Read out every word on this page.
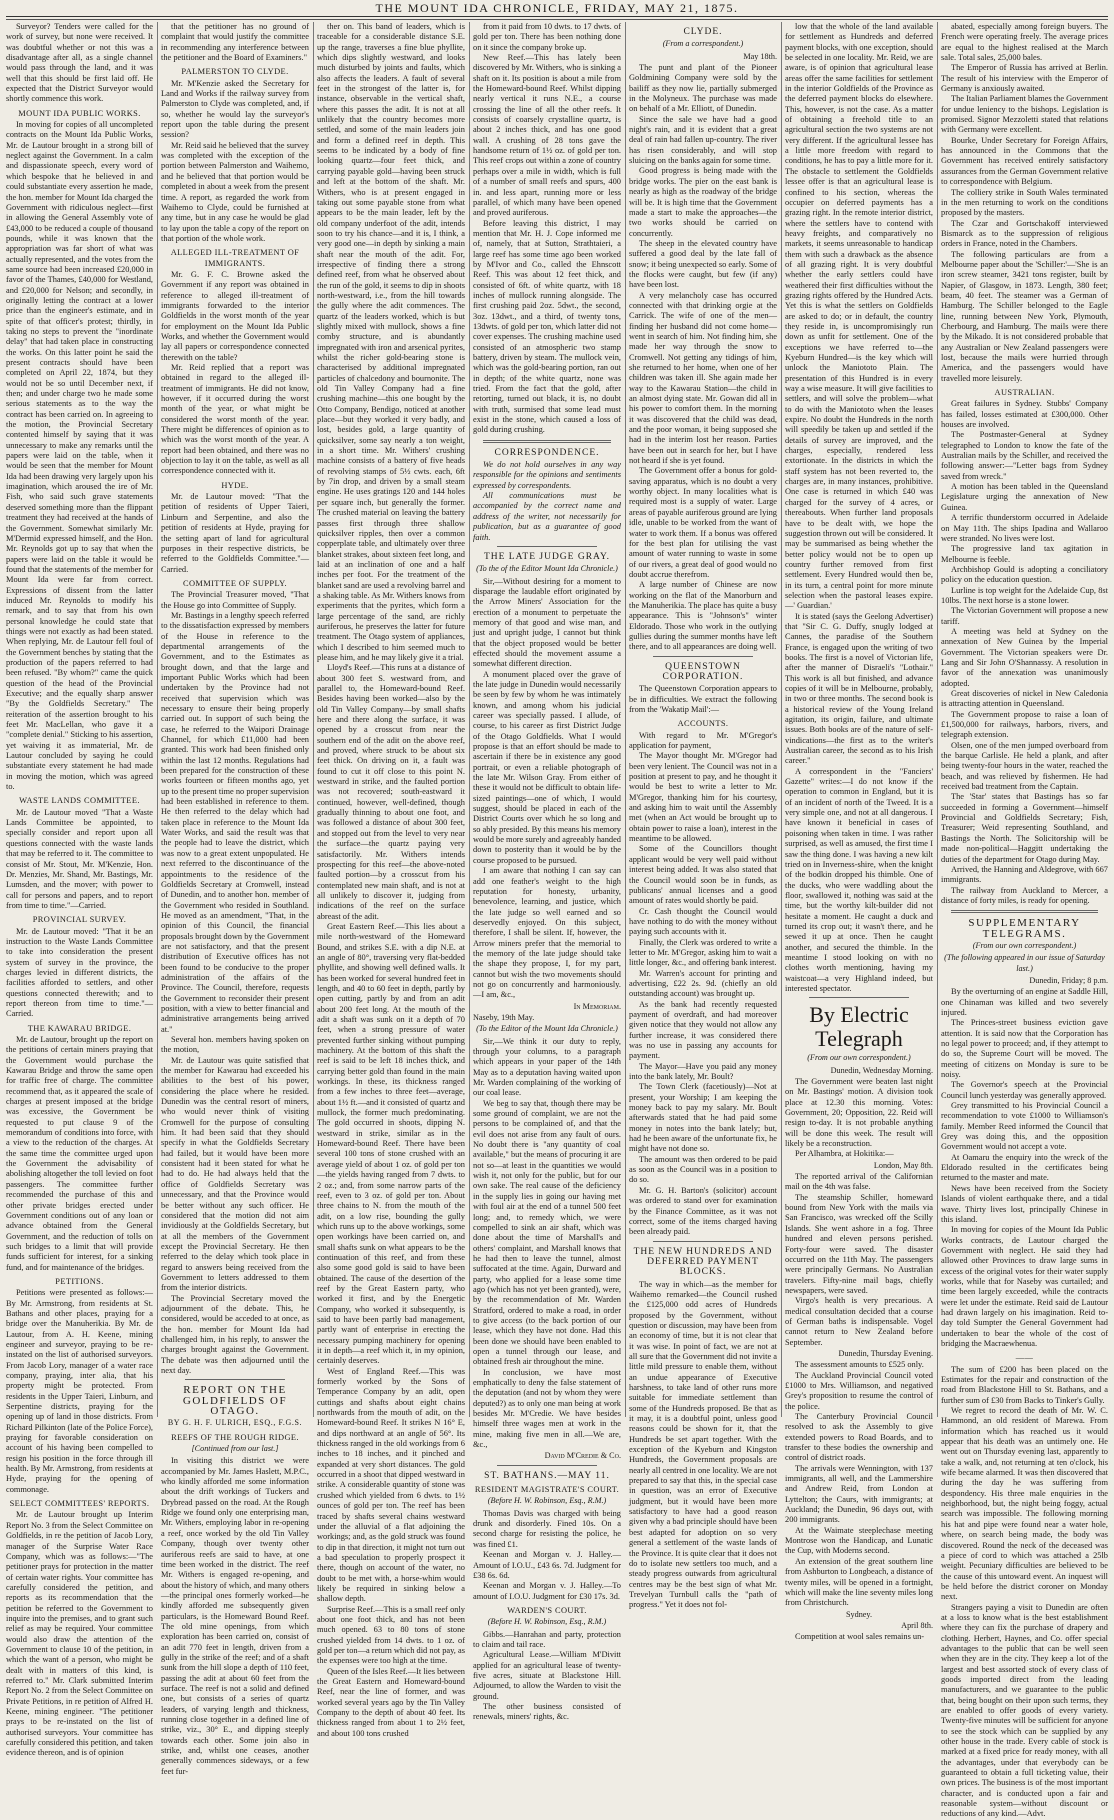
THE MOUNT IDA CHRONICLE, FRIDAY, MAY 21, 1875.

Surveyor? Tenders were called for the work of survey, but none were received. It was doubtful whether or not this was a disadvantage after all, as a single channel would pass through the land, and it was well that this should be first laid off. He expected that the District Surveyor would shortly commence this work.

MOUNT IDA PUBLIC WORKS.

In moving for copies of all uncompleted contracts on the Mount Ida Public Works, Mr. de Lautour brought in a strong bill of neglect against the Government. In a calm and dispassionate speech, every word of which bespoke that he believed in and could substantiate every assertion he made, the hon. member for Mount Ida charged the Government with ridiculous neglect—first in allowing the General Assembly vote of £43,000 to be reduced a couple of thousand pounds, while it was known that the appropriation was far short of what was actually represented, and the votes from the same source had been increased £20,000 in favor of the Thames, £40,000 for Westland, and £20,000 for Nelson; and secondly, in originally letting the contract at a lower price than the engineer's estimate, and in spite of that officer's protest; thirdly, in taking no steps to prevent the "inordinate delay" that had taken place in constructing the works. On this latter point he said the present contracts should have been completed on April 22, 1874, but they would not be so until December next, if then; and under charge two he made some serious statements as to the way the contract has been carried on. In agreeing to the motion, the Provincial Secretary contented himself by saying that it was unnecessary to make any remarks until the papers were laid on the table, when it would be seen that the member for Mount Ida had been drawing very largely upon his imagination, which aroused the ire of Mr. Fish, who said such grave statements deserved something more than the flippant treatment they had received at the hands of the Government. Somewhat similarly Mr. M'Dermid expressed himself, and the Hon. Mr. Reynolds got up to say that when the papers were laid on the table it would be found that the statements of the member for Mount Ida were far from correct. Expressions of dissent from the latter induced Mr. Reynolds to modify his remark, and to say that from his own personal knowledge he could state that things were not exactly as had been stated. When replying, Mr. de Lautour fell foul of the Government benches by stating that the production of the papers referred to had been refused. "By whom?" came the quick question of the head of the Provincial Executive; and the equally sharp answer "By the Goldfields Secretary." The reiteration of the assertion brought to his feet Mr. MacLellan, who gave it a "complete denial." Sticking to his assertion, yet waiving it as immaterial, Mr. de Lautour concluded by saying he could substantiate every statement he had made in moving the motion, which was agreed to.

WASTE LANDS COMMITTEE.

Mr. de Lautour moved "That a Waste Lands Committee be appointed, to specially consider and report upon all questions connected with the waste lands that may be referred to it. The committee to consist of Mr. Stout, Mr. M'Kenzie, Hon. Dr. Menzies, Mr. Shand, Mr. Bastings, Mr. Lumsden, and the mover; with power to call for persons and papers, and to report from time to time."—Carried.

PROVINCIAL SURVEY.

Mr. de Lautour moved: "That it be an instruction to the Waste Lands Committee to take into consideration the present system of survey in the province, the charges levied in different districts, the facilities afforded to settlers, and other questions connected therewith; and to report thereon from time to time."—Carried.

THE KAWARAU BRIDGE.

Mr. de Lautour, brought up the report on the petitions of certain miners praying that the Government would purchase the Kawarau Bridge and throw the same open for traffic free of charge. The committee recommend that, as it appeared the scale of charges at present imposed at the bridge was excessive, the Government be requested to put clause 9 of the memorandum of conditions into force, with a view to the reduction of the charges. At the same time the committee urged upon the Government the advisability of abolishing altogether the toll levied on foot passengers. The committee further recommended the purchase of this and other private bridges erected under Government conditions out of any loan or advance obtained from the General Government, and the reduction of tolls on such bridges to a limit that will provide funds sufficient for interest, for a sinking fund, and for maintenance of the bridges.

PETITIONS.

Petitions were presented as follows:—By Mr. Armstrong, from residents at St. Bathans and other places, praying for a bridge over the Manuherikia. By Mr. de Lautour, from A. H. Keene, mining engineer and surveyor, praying to be re-instated on the list of authorised surveyors. From Jacob Lory, manager of a water race company, praying, inter alia, that his property might be protected. From residents in the Upper Taieri, Linburn, and Serpentine districts, praying for the opening up of land in those districts. From Richard Pilkinton (late of the Police Force), praying for favorable consideration on account of his having been compelled to resign his position in the force through ill health. By Mr. Armstrong, from residents at Hyde, praying for the opening of commonage.

SELECT COMMITTEES' REPORTS.

Mr. de Lautour brought up Interim Report No. 3 from the Select Committee on Goldfields, in re the petition of Jacob Lory, manager of the Surprise Water Race Company, which was as follows:—"The petitioner prays for protection in the matter of certain water rights. Your committee has carefully considered the petition, and reports as its recommendation that the petition be referred to the Government to inquire into the premises, and to grant such relief as may be required. Your committee would also draw the attention of the Government to clause 10 of the petition, in which the want of a person, who might be dealt with in matters of this kind, is referred to." Mr. Clark submitted Interim Report No. 2 from the Select Committee on Private Petitions, in re petition of Alfred H. Keene, mining engineer. "The petitioner prays to be re-instated on the list of authorised surveyors. Your committee has carefully considered this petition, and taken evidence thereon, and is of opinion

that the petitioner has no ground of complaint that would justify the committee in recommending any interference between the petitioner and the Board of Examiners."

PALMERSTON TO CLYDE.

Mr. M'Kenzie asked the Secretary for Land and Works if the railway survey from Palmerston to Clyde was completed, and, if so, whether he would lay the surveyor's report upon the table during the present session?

Mr. Reid said he believed that the survey was completed with the exception of the portion between Palmerston and Waihemo, and he believed that that portion would be completed in about a week from the present time. A report, as regarded the work from Waihemo to Clyde, could be furnished at any time, but in any case he would be glad to lay upon the table a copy of the report on that portion of the whole work.

ALLEGED ILL-TREATMENT OF IMMIGRANTS.

Mr. G. F. C. Browne asked the Government if any report was obtained in reference to alleged ill-treatment of immigrants forwarded to the interior Goldfields in the worst month of the year for employment on the Mount Ida Public Works, and whether the Government would lay all papers or correspondence connected therewith on the table?

Mr. Reid replied that a report was obtained in regard to the alleged ill-treatment of immigrants. He did not know, however, if it occurred during the worst month of the year, or what might be considered the worst month of the year. There might be differences of opinion as to which was the worst month of the year. A report had been obtained, and there was no objection to lay it on the table, as well as all correspondence connected with it.

HYDE.

Mr. de Lautour moved: "That the petition of residents of Upper Taieri, Linburn and Serpentine, and also the petition of residents at Hyde, praying for the setting apart of land for agricultural purposes in their respective districts, be referred to the Goldfields Committee."—Carried.

COMMITTEE OF SUPPLY.

The Provincial Treasurer moved, "That the House go into Committee of Supply.

Mr. Bastings in a lengthy speech referred to the dissatisfaction expressed by members of the House in reference to the departmental arrangements of the Government, and to the Estimates as brought down, and that the large and important Public Works which had been undertaken by the Province had not received that supervision which was necessary to ensure their being properly carried out. In support of such being the case, he referred to the Waipori Drainage Channel, for which £11,000 had been granted. This work had been finished only within the last 12 months. Regulations had been prepared for the construction of these works fourteen or fifteen months ago, yet up to the present time no proper supervision had been established in reference to them. He then referred to the delay which had taken place in reference to the Mount Ida Water Works, and said the result was that the people had to leave the district, which was now to a great extent unpopulated. He next referred to the discontinuance of the appointments to the residence of the Goldfields Secretary at Cromwell, instead of Dunedin, and to another hon. member of the Government who resided in Southland. He moved as an amendment, "That, in the opinion of this Council, the financial proposals brought down by the Government are not satisfactory, and that the present distribution of Executive offices has not been found to be conducive to the proper administration of the affairs of the Province. The Council, therefore, requests the Government to reconsider their present position, with a view to better financial and administrative arrangements being arrived at."

Several hon. members having spoken on the motion,

Mr. de Lautour was quite satisfied that the member for Kawarau had exceeded his abilities to the best of his power, considering the place where he resided. Dunedin was the central resort of miners, who would never think of visiting Cromwell for the purpose of consulting him. It had been said that they should specify in what the Goldfields Secretary had failed, but it would have been more consistent had it been stated for what he had to do. He had always held that the office of Goldfields Secretary was unnecessary, and that the Province would be better without any such officer. He considered that the motion did not aim invidiously at the Goldfields Secretary, but at all the members of the Government except the Provincial Secretary. He then referred to the delay which took place in regard to answers being received from the Government to letters addressed to them from the interior districts.

The Provincial Secretary moved the adjournment of the debate. This, he considered, would be acceded to at once, as the hon. member for Mount Ida had challenged him, in his reply, to answer the charges brought against the Government. The debate was then adjourned until the next day.

REPORT ON THE GOLDFIELDS OF OTAGO.
BY G. H. F. ULRICH, ESQ., F.G.S.
REEFS OF THE ROUGH RIDGE.
[Continued from our last.]

In visiting this district we were accompanied by Mr. James Haslett, M.P.C., who kindly afforded me some information about the drift workings of Tuckers and Drybread passed on the road. At the Rough Ridge we found only one enterprising man, Mr. Withers, employing labor in re-opening a reef, once worked by the old Tin Valley Company, though over twenty other auriferous reefs are said to have, at one time been worked in the district. The reef Mr. Withers is engaged re-opening, and about the history of which, and many others—the principal ones formerly worked—he kindly afforded me subsequently given particulars, is the Homeward Bound Reef. The old mine openings, from which exploration has been carried on, consist of an adit 770 feet in length, driven from a gully in the strike of the reef; and of a shaft sunk from the hill slope a depth of 110 feet, passing the adit at about 60 feet from the surface. The reef is not a solid and defined one, but consists of a series of quartz leaders, of varying length and thickness, running close together in a defined line of strike, viz., 30° E., and dipping steeply towards each other. Some join also in strike, and, whilst one ceases, another generally commences sideways, or a few feet fur-

ther on. This band of leaders, which is traceable for a considerable distance S.E. up the range, traverses a fine blue phyllite, which dips slightly westward, and looks much disturbed by joints and faults, which also affects the leaders. A fault of several feet in the strongest of the latter is, for instance, observable in the vertical shaft, where this passes the adit. It is not at all unlikely that the country becomes more settled, and some of the main leaders join and form a defined reef in depth. This seems to be indicated by a body of fine looking quartz—four feet thick, and carrying payable gold—having been struck and left at the bottom of the shaft. Mr. Withers, who is at present engaged in taking out some payable stone from what appears to be the main leader, left by the old company underfoot of the adit, intends soon to try his chance—and it is, I think, a very good one—in depth by sinking a main shaft near the mouth of the adit. For, irrespective of finding there a strong defined reef, from what he observed about the run of the gold, it seems to dip in shoots north-westward, i.e., from the hill towards the gully where the adit commences. The quartz of the leaders worked, which is but slightly mixed with mullock, shows a fine comby structure, and is abundantly impregnated with iron and arsenical pyrites, whilst the richer gold-bearing stone is characterised by additional impregnated particles of chalcedony and bournonite. The old Tin Valley Company had a fine crushing machine—this one bought by the Otto Company, Bendigo, noticed at another place—but they worked it very badly, and lost, besides gold, a large quantity of quicksilver, some say nearly a ton weight, in a short time. Mr. Withers' crushing machine consists of a battery of five heads of revolving stamps of 5½ cwts. each, 6ft by 7in drop, and driven by a small steam engine. He uses gratings 120 and 144 holes per square inch, but generally the former. The crushed material on leaving the battery passes first through three shallow quicksilver ripples, then over a common copperplate table, and ultimately over three blanket strakes, about sixteen feet long, and laid at an inclination of one and a half inches per foot. For the treatment of the blanket sand are used a revolving barrel and a shaking table. As Mr. Withers knows from experiments that the pyrites, which form a large percentage of the sand, are richly auriferous, he preserves the latter for future treatment. The Otago system of appliances, which I described to him seemed much to please him, and he may likely give it a trial.

Lloyd's Reef.—This runs at a distance of about 300 feet S. westward from, and parallel to, the Homeward-bound Reef. Besides having been worked—also by the old Tin Valley Company—by small shafts here and there along the surface, it was opened by a crosscut from near the southern end of the adit on the above reef, and proved, where struck to be about six feet thick. On driving on it, a fault was found to cut it off close to this point N. westward in strike, and the faulted portion was not recovered; south-eastward it continued, however, well-defined, though gradually thinning to about one foot, and was followed a distance of about 300 feet, and stopped out from the level to very near the surface—the quartz paying very satisfactorily. Mr. Withers intends prospecting for this reef—the above-noted faulted portion—by a crosscut from his contemplated new main shaft, and is not at all unlikely to discover it, judging from indications of the reef on the surface abreast of the adit.

Great Eastern Reef.—This lies about a mile north-westward of the Homeward Bound, and strikes S.E. with a dip N.E. at an angle of 80°, traversing very flat-bedded phyllite, and showing well defined walls. It has been worked for several hundred feet in length, and 40 to 60 feet in depth, partly by open cutting, partly by and from an adit about 200 feet long. At the mouth of the adit a shaft was sunk on it a depth of 70 feet, when a strong pressure of water prevented further sinking without pumping machinery. At the bottom of this shaft the reef is said to be left 18 inches thick, and carrying better gold than found in the main workings. In these, its thickness ranged from a few inches to three feet—average, about 1½ ft.—and it consisted of quartz and mullock, the former much predominating. The gold occurred in shoots, dipping N. westward in strike, similar as in the Homeward-bound Reef. There have been several 100 tons of stone crushed with an average yield of about 1 oz. of gold per ton—the yields having ranged from 7 dwts. to 2 oz.; and, from some narrow parts of the reef, even to 3 oz. of gold per ton. About three chains to N. from the mouth of the adit, on a low rise, bounding the gully which runs up to the above workings, some open workings have been carried on, and small shafts sunk on what appears to be the continuation of this reef, and from these also some good gold is said to have been obtained. The cause of the desertion of the reef by the Great Eastern party, who worked it first, and by the Energetic Company, who worked it subsequently, is said to have been partly bad management, partly want of enterprise in erecting the necessary pumping machinery for opening it in depth—a reef which it, in my opinion, certainly deserves.

West of England Reef.—This was formerly worked by the Sons of Temperance Company by an adit, open cuttings and shafts about eight chains northwards from the mouth of adit, on the Homeward-bound Reef. It strikes N 16° E, and dips northward at an angle of 56°. Its thickness ranged in the old workings from 6 inches to 18 inches, and it pinched and expanded at very short distances. The gold occurred in a shoot that dipped westward in strike. A considerable quantity of stone was crushed which yielded from 6 dwts. to 1½ ounces of gold per ton. The reef has been traced by shafts several chains westward under the alluvial of a flat adjoining the workings; and, as the gold struck was found to dip in that direction, it might not turn out a bad speculation to properly prospect it there, though on account of the water, no doubt to be met with, a horse-whim would likely be required in sinking below a shallow depth.

Surprise Reef.—This is a small reef only about one foot thick, and has not been much opened. 63 to 80 tons of stone crushed yielded from 14 dwts. to 1 oz. of gold per ton—a return which did not pay, as the expenses were too high at the time.

Queen of the Isles Reef.—It lies between the Great Eastern and Homeward-bound Reef, near the line of former, and was worked several years ago by the Tin Valley Company to the depth of about 40 feet. Its thickness ranged from about 1 to 2½ feet, and about 100 tons crushed

from it paid from 10 dwts. to 17 dwts. of gold per ton. There has been nothing done on it since the company broke up.

New Reef.—This has lately been discovered by Mr. Withers, who is sinking a shaft on it. Its position is about a mile from the Homeward-bound Reef. Whilst dipping nearly vertical it runs N.E., a course crossing the line of all the other reefs. It consists of coarsely crystalline quartz, is about 2 inches thick, and has one good wall. A crushing of 28 tons gave the handsome return of 1½ oz. of gold per ton. This reef crops out within a zone of country perhaps over a mile in width, which is full of a number of small reefs and spurs, 400 in. and less apart, running more or less parallel, of which many have been opened and proved auriferous.

Before leaving this district, I may mention that Mr. H. J. Cope informed me of, namely, that at Sutton, Strathtaieri, a large reef has some time ago been worked by M'Ivor and Co., called the Ehnscott Reef. This was about 12 feet thick, and consisted of 6ft. of white quartz, with 18 inches of mullock running alongside. The first crushing paid 2oz. 5dwt., the second, 3oz. 13dwt., and a third, of twenty tons, 13dwts. of gold per ton, which latter did not cover expenses. The crushing machine used consisted of an atmospheric two stamp battery, driven by steam. The mullock vein, which was the gold-bearing portion, ran out in depth; of the white quartz, none was tried. From the fact that the gold, after retorting, turned out black, it is, no doubt with truth, surmised that some lead must exist in the stone, which caused a loss of gold during crushing.

CORRESPONDENCE.

We do not hold ourselves in any way responsible for the opinions and sentiments expressed by correspondents.

All communications must be accompanied by the correct name and address of the writer, not necessarily for publication, but as a guarantee of good faith.

THE LATE JUDGE GRAY.
(To the of the Editor Mount Ida Chronicle.)

Sir,—Without desiring for a moment to disparage the laudable effort originated by the Arrow Miners' Association for the erection of a monument to perpetuate the memory of that good and wise man, and just and upright judge, I cannot but think that the object proposed would be better effected should the movement assume a somewhat different direction.

A monument placed over the grave of the late judge in Dunedin would necessarily be seen by few by whom he was intimately known, and among whom his judicial career was specially passed. I allude, of course, to his career as first District Judge of the Otago Goldfields. What I would propose is that an effort should be made to ascertain if there be in existence any good portrait, or even a reliable photograph of the late Mr. Wilson Gray. From either of these it would not be difficult to obtain life-sized paintings—one of which, I would suggest, should be placed in each of the District Courts over which he so long and so ably presided. By this means his memory would be more surely and agreeably handed down to posterity than it would be by the course proposed to be pursued.

I am aware that nothing I can say can add one feather's weight to the high reputation for honesty, urbanity, benevolence, learning, and justice, which the late judge so well earned and so deservedly enjoyed. On this subject, therefore, I shall be silent. If, however, the Arrow miners prefer that the memorial to the memory of the late judge should take the shape they propose, I, for my part, cannot but wish the two movements should not go on concurrently and harmoniously.—I am, &c.,

In Memoriam.
Naseby, 19th May.
(To the Editor of the Mount Ida Chronicle.)

Sir,—We think it our duty to reply, through your columns, to a paragraph which appears in your paper of the 14th May as to a deputation having waited upon Mr. Warden complaining of the working of our coal lease.

We beg to say that, though there may be some ground of complaint, we are not the persons to be complained of, and that the evil does not arise from any fault of ours. No doubt there is "any quantity of coal available," but the means of procuring it are not so—at least in the quantities we would wish it, not only for the public, but for our own sake. The real cause of the deficiency in the supply lies in going our having met with foul air at the end of a tunnel 500 feet long; and, to remedy which, we were compelled to sink an air shaft, which was done about the time of Marshall's and others' complaint, and Marshall knows that he had then to leave the tunnel, almost suffocated at the time. Again, Durward and party, who applied for a lease some time ago (which has not yet been granted), were, by the recommendation of Mr. Warden Stratford, ordered to make a road, in order to give access (to the back portion of our lease, which they have not done. Had this been done we should have been enabled to open a tunnel through our lease, and obtained fresh air throughout the mine.

In conclusion, we have most emphatically to deny the false statement of the deputation (and not by whom they were deputed?) as to only one man being at work besides Mr. M'Credie. We have besides himself three wages men at work in the mine, making five men in all.—We are, &c.,

David M'Credie & Co.
ST. BATHANS.—MAY 11.
RESIDENT MAGISTRATE'S COURT.
(Before H. W. Robinson, Esq., R.M.)

Thomas Davis was charged with being drunk and disorderly. Fined 10s. On a second charge for resisting the police, he was fined £1.

Keenan and Morgan v. J. Halley.—Amount of I.O.U., £43 6s. 7d. Judgment for £38 6s. 6d.

Keenan and Morgan v. J. Halley.—To amount of I.O.U. Judgment for £30 17s. 3d.

WARDEN'S COURT.
(Before H. W. Robinson, Esq., R.M.)

Gibbs.—Hanrahan and party, protection to claim and tail race.

Agricultural Lease.—William M'Divitt applied for an agricultural lease of twenty-five acres, situate at Blackstone Hill. Adjourned, to allow the Warden to visit the ground.

The other business consisted of renewals, miners' rights, &c.

CLYDE.
(From a correspondent.)
May 18th.

The punt and plant of the Pioneer Goldmining Company were sold by the bailiff as they now lie, partially submerged in the Molyneux. The purchase was made on behalf of a Mr. Elliott, of Dunedin.

Since the sale we have had a good night's rain, and it is evident that a great deal of rain had fallen up-country. The river has risen considerably, and will stop sluicing on the banks again for some time.

Good progress is being made with the bridge works. The pier on the east bank is nearly as high as the roadway of the bridge will be. It is high time that the Government made a start to make the approaches—the two works should be carried on concurrently.

The sheep in the elevated country have suffered a good deal by the late fall of snow; it being unexpected so early. Some of the flocks were caught, but few (if any) have been lost.

A very melancholy case has occurred connected with that drinking orgie at the Carrick. The wife of one of the men—finding her husband did not come home—went in search of him. Not finding him, she made her way through the snow to Cromwell. Not getting any tidings of him, she returned to her home, when one of her children was taken ill. She again made her way to the Kawarau Station—the child in an almost dying state. Mr. Gowan did all in his power to comfort them. In the morning it was discovered that the child was dead, and the poor woman, it being supposed she had in the interim lost her reason. Parties have been out in search for her, but I have not heard if she is yet found.

The Government offer a bonus for gold-saving apparatus, which is no doubt a very worthy object. In many localities what is required most is a supply of water. Large areas of payable auriferous ground are lying idle, unable to be worked from the want of water to work them. If a bonus was offered for the best plan for utilising the vast amount of water running to waste in some of our rivers, a great deal of good would no doubt accrue therefrom.

A large number of Chinese are now working on the flat of the Manorburn and the Manuherikia. The place has quite a busy appearance. This is "Johnson's" winter Eldorado. Those who work in the outlying gullies during the summer months have left there, and to all appearances are doing well.

QUEENSTOWN CORPORATION.

The Queenstown Corporation appears to be in difficulties. We extract the following from the 'Wakatip Mail':—

ACCOUNTS.

With regard to Mr. M'Gregor's application for payment,

The Mayor thought Mr. M'Gregor had been very lenient. The Council was not in a position at present to pay, and he thought it would be best to write a letter to Mr. M'Gregor, thanking him for his courtesy, and asking him to wait until the Assembly met (when an Act would be brought up to obtain power to raise a loan), interest in the meantime to be allowed.

Some of the Councillors thought applicant would be very well paid without interest being added. It was also stated that the Council would soon be in funds, as publicans' annual licenses and a good amount of rates would shortly be paid.

Cr. Cash thought the Council would have nothing to do with the money without paying such accounts with it.

Finally, the Clerk was ordered to write a letter to Mr. M'Gregor, asking him to wait a little longer, &c., and offering bank interest.

Mr. Warren's account for printing and advertising, £22 2s. 9d. (chiefly an old outstanding account) was brought up.

As the bank had recently requested payment of overdraft, and had moreover given notice that they would not allow any further increase, it was considered there was no use in passing any accounts for payment.

The Mayor—Have you paid any money into the bank lately, Mr. Boult?

The Town Clerk (facetiously)—Not at present, your Worship; I am keeping the money back to pay my salary. Mr. Boult afterwards stated that he had paid some money in notes into the bank lately; but, had he been aware of the unfortunate fix, he might have not done so.

The amount was then ordered to be paid as soon as the Council was in a position to do so.

Mr. G. H. Barton's (solicitor) account was ordered to stand over for examination by the Finance Committee, as it was not correct, some of the items charged having been already paid.

THE NEW HUNDREDS AND DEFERRED PAYMENT BLOCKS.

The way in which—as the member for Waihemo remarked—the Council rushed the £125,000 odd acres of Hundreds proposed by the Government, without question or discussion, may have been from an economy of time, but it is not clear that it was wise. In point of fact, we are not at all sure that the Government did not invite a little mild pressure to enable them, without an undue appearance of Executive harshness, to take land of other runs more suitable for immediate settlement than some of the Hundreds proposed. Be that as it may, it is a doubtful point, unless good reasons could be shown for it, that the Hundreds be set apart together. With the exception of the Kyeburn and Kingston Hundreds, the Government proposals are nearly all centred in one locality. We are not prepared to say that this, in the special case in question, was an error of Executive judgment, but it would have been more satisfactory to have had a good reason given why a bad principle should have been best adapted for adoption on so very general a settlement of the waste lands of the Province. It is quite clear that it does not do to isolate new settlers too much, and a steady progress outwards from agricultural centres may be the best sign of what Mr. Trevelyan Turnbull calls the "path of progress." Yet it does not fol-

low that the whole of the land available for settlement as Hundreds and deferred payment blocks, with one exception, should be selected in one locality. Mr. Reid, we are aware, is of opinion that agricultural lease areas offer the same facilities for settlement in the interior Goldfields of the Province as the deferred payment blocks do elsewhere. This, however, is not the case. As a matter of obtaining a freehold title to an agricultural section the two systems are not very different. If the agricultural lessee has a little more freedom with regard to conditions, he has to pay a little more for it. The obstacle to settlement the Goldfields lessee offer is that an agricultural lease is confined to his section, whereas the occupier on deferred payments has a grazing right. In the remote interior district, where the settlers have to contend with heavy freights, and comparatively no markets, it seems unreasonable to handicap them with such a drawback as the absence of all grazing right. It is very doubtful whether the early settlers could have weathered their first difficulties without the grazing rights offered by the Hundred Acts. Yet this is what the settlers on Goldfields are asked to do; or in default, the country they reside in, is uncompromisingly run down as unfit for settlement. One of the exceptions we have referred to—the Kyeburn Hundred—is the key which will unlock the Maniototo Plain. The presentation of this Hundred is in every way a wise measure. It will give facilities to settlers, and will solve the problem—what to do with the Maniototo when the leases expire. No doubt the Hundreds in the north will speedily be taken up and settled if the details of survey are improved, and the charges, especially, rendered less extortionate. In the districts in which the staff system has not been reverted to, the charges are, in many instances, prohibitive. One case is returned in which £40 was charged for the survey of 4 acres, or thereabouts. When further land proposals have to be dealt with, we hope the suggestion thrown out will be considered. It may be summarised as being whether the better policy would not be to open up country further removed from first settlement. Every Hundred would then be, in its turn, a central point for more minute selection when the pastoral leases expire.—' Guardian.'

It is stated (says the Geelong Advertiser) that "Sir C. G. Duffy, snugly lodged at Cannes, the paradise of the Southern France, is engaged upon the writing of two books. The first is a novel of Victorian life, after the manner of Disraeli's "Lothair." This work is all but finished, and advance copies of it will be in Melbourne, probably, in two or three months. The second book is a historical review of the Young Ireland agitation, its origin, failure, and ultimate issues. Both books are of the nature of self-vindications—the first as to the writer's Australian career, the second as to his Irish career."

A correspondent in the "Fanciers' Gazette" writes:—I do not know if the operation to common in England, but it is of an incident of north of the Tweed. It is a very simple one, and not at all dangerous. I have known it beneficial in cases of poisoning when taken in time. I was rather surprised, as well as amused, the first time I saw the thing done. I was having a new kilt tried on in Inverness-shire, when the knight of the bodkin dropped his thimble. One of the ducks, who were waddling about the floor, swallowed it, nothing was said at the time, but the worthy kilt-builder did not hesitate a moment. He caught a duck and turned its crop out; it wasn't there, and he sewed it up at once. Then he caught another, and secured the thimble. In the meantime I stood looking on with no clothes worth mentioning, having my waistcoat—a very Highland indeed, but interested spectator.

By Electric Telegraph
(From our own correspondent.)
Dunedin, Wednesday Morning.

The Government were beaten last night on Mr. Bastings' motion. A division took place at 12.30 this morning. Votes: Government, 20; Opposition, 22. Reid will resign to-day. It is not probable anything will be done this week. The result will likely be a reconstruction.

Per Alhambra, at Hokitika:—

London, May 8th.

The reported arrival of the Californian mail on the 4th was false.

The steamship Schiller, homeward bound from New York with the mails via San Francisco, was wrecked off the Scilly Islands. She went ashore in a fog. Three hundred and eleven persons perished. Forty-four were saved. The disaster occurred on the 11th May. The passengers were principally Germans. No Australian travelers. Fifty-nine mail bags, chiefly newspapers, were saved.

Virgo's health is very precarious. A medical consultation decided that a course of German baths is indispensable. Vogel cannot return to New Zealand before September.

Dunedin, Thursday Evening.

The assessment amounts to £525 only.

The Auckland Provincial Council voted £1000 to Mrs. Williamson, and negatived Grey's proposition to resume the control of the police.

The Canterbury Provincial Council resolved to ask the Assembly to give extended powers to Road Boards, and to transfer to these bodies the ownership and control of district roads.

The arrivals were Wennington, with 137 immigrants, all well, and the Lammershire and Andrew Reid, from London at Lyttelton; the Caurs, with immigrants; at Auckland; the Dunedin, 96 days out, with 200 immigrants.

At the Waimate steeplechase meeting Montrose won the Handicap, and Lunatic the Cup, with Moderns second.

An extension of the great southern line from Ashburton to Longbeach, a distance of twenty miles, will be opened in a fortnight, which will make the line seventy miles long from Christchurch.

Sydney.
April 8th.

Competition at wool sales remains un-

abated, especially among foreign buyers. The French were operating freely. The average prices are equal to the highest realised at the March sale. Total sales, 25,000 bales.

The Emperor of Russia has arrived at Berlin. The result of his interview with the Emperor of Germany is anxiously awaited.

The Italian Parliament blames the Government for undue leniency to the bishops. Legislation is promised. Signor Mezzoletti stated that relations with Germany were excellent.

Bourke, Under Secretary for Foreign Affairs, has announced in the Commons that the Government has received entirely satisfactory assurances from the German Government relative to correspondence with Belgium.

The colliery strike in South Wales terminated in the men returning to work on the conditions proposed by the masters.

The Czar and Gortschakoff interviewed Bismarck as to the suppression of religious orders in France, noted in the Chambers.

The following particulars are from a Melbourne paper about the 'Schiller:'—'She is an iron screw steamer, 3421 tons register, built by Napier, of Glasgow, in 1873. Length, 380 feet; beam, 40 feet. The steamer was a German of Hamburg. The Schiller belonged to the Eagle line, running between New York, Plymouth, Cherbourg, and Hamburg. The mails were there by the Mikado. It is not considered probable that any Australian or New Zealand passengers were lost, because the mails were hurried through America, and the passengers would have travelled more leisurely.

AUSTRALIAN.

Great failures in Sydney. Stubbs' Company has failed, losses estimated at £300,000. Other houses are involved.

The Postmaster-General at Sydney telegraphed to London to know the fate of the Australian mails by the Schiller, and received the following answer:—"Letter bags from Sydney saved from wreck."

A motion has been tabled in the Queensland Legislature urging the annexation of New Guinea.

A terrific thunderstorm occurred in Adelaide on May 11th. The ships Ipadina and Wallaroo were stranded. No lives were lost.

The progressive land tax agitation in Melbourne is feeble.

Archbishop Gould is adopting a conciliatory policy on the education question.

Lurline is top weight for the Adelaide Cup, 8st 10lbs. The next horse is a stone lower.

The Victorian Government will propose a new tariff.

A meeting was held at Sydney on the annexation of New Guinea by the Imperial Government. The Victorian speakers were Dr. Lang and Sir John O'Shannassy. A resolution in favor of the annexation was unanimously adopted.

Great discoveries of nickel in New Caledonia is attracting attention in Queensland.

The Government propose to raise a loan of £1,500,000 for railways, harbors, rivers, and telegraph extension.

Olsen, one of the men jumped overboard from the barque Carlisle. He held a plank, and after being twenty-four hours in the water, reached the beach, and was relieved by fishermen. He had received bad treatment from the Captain.

The 'Star' states that Bastings has so far succeeded in forming a Government—himself Provincial and Goldfields Secretary; Fish, Treasurer; Weid representing Southland, and Bastings the North. The Solicitorship will be made non-political—Haggitt undertaking the duties of the department for Otago during May.

Arrived, the Hanning and Aldegrove, with 667 immigrants.

The railway from Auckland to Mercer, a distance of forty miles, is ready for opening.

SUPPLEMENTARY TELEGRAMS.
(From our own correspondent.)
(The following appeared in our issue of Saturday last.)
Dunedin, Friday; 8 p.m.

By the overturning of an engine at Saddle Hill, one Chinaman was killed and two severely injured.

The Princes-street business eviction gave attention. It is said now that the Corporation has no legal power to proceed; and, if they attempt to do so, the Supreme Court will be moved. The meeting of citizens on Monday is sure to be noisy.

The Governor's speech at the Provincial Council lunch yesterday was generally approved.

Grey transmitted to his Provincial Council a recommendation to vote £1000 to Williamson's family. Member Reed informed the Council that Grey was doing this, and the opposition Government would not accept a vote.

At Oamaru the enquiry into the wreck of the Eldorado resulted in the certificates being returned to the master and mate.

News have been received from the Society Islands of violent earthquake there, and a tidal wave. Thirty lives lost, principally Chinese in this island.

In moving for copies of the Mount Ida Public Works contracts, de Lautour charged the Government with neglect. He said they had allowed other Provinces to draw large sums in excess of the original votes for their water supply works, while that for Naseby was curtailed; and time been largely exceeded, while the contracts were let under the estimate. Reid said de Lautour had drawn largely on his imagination. Reid to-day told Sumpter the General Government had undertaken to bear the whole of the cost of bridging the Macraewhenua.

——

The sum of £200 has been placed on the Estimates for the repair and construction of the road from Blackstone Hill to St. Bathans, and a further sum of £30 from Backs to Tinker's Gully.

We regret to record the death of Mr. W. C. Hammond, an old resident of Marewa. From information which has reached us it would appear that his death was an untimely one. He went out on Thursday evening last, apparently to take a walk, and, not returning at ten o'clock, his wife became alarmed. It was then discovered that during the day he was suffering from despondency. His three male enquiries in the neighborhood, but, the night being foggy, actual search was impossible. The following morning his hat and pipe were found near a water hole, where, on search being made, the body was discovered. Round the neck of the deceased was a piece of cord to which was attached a 25lb weight. Pecuniary difficulties are believed to be the cause of this untoward event. An inquest will be held before the district coroner on Monday next.

Strangers paying a visit to Dunedin are often at a loss to know what is the best establishment where they can fix the purchase of drapery and clothing. Herbert, Haynes, and Co. offer special advantages to the public that can be well seen when they are in the city. They keep a lot of the largest and best assorted stock of every class of goods imported direct from the leading manufacturers, and we guarantee to the public that, being bought on their upon such terms, they are enabled to offer goods of every variety. Twenty-five minutes will be sufficient for anyone to see the stock which can be supplied by any other house in the trade. Every cable of stock is marked at a fixed price for ready money, with all the advantages, under that everybody can be guaranteed to obtain a full ticketing value, their own prices. The business is of the most important character, and is conducted upon a fair and reasonable system—without discount or reductions of any kind.—Advt.
